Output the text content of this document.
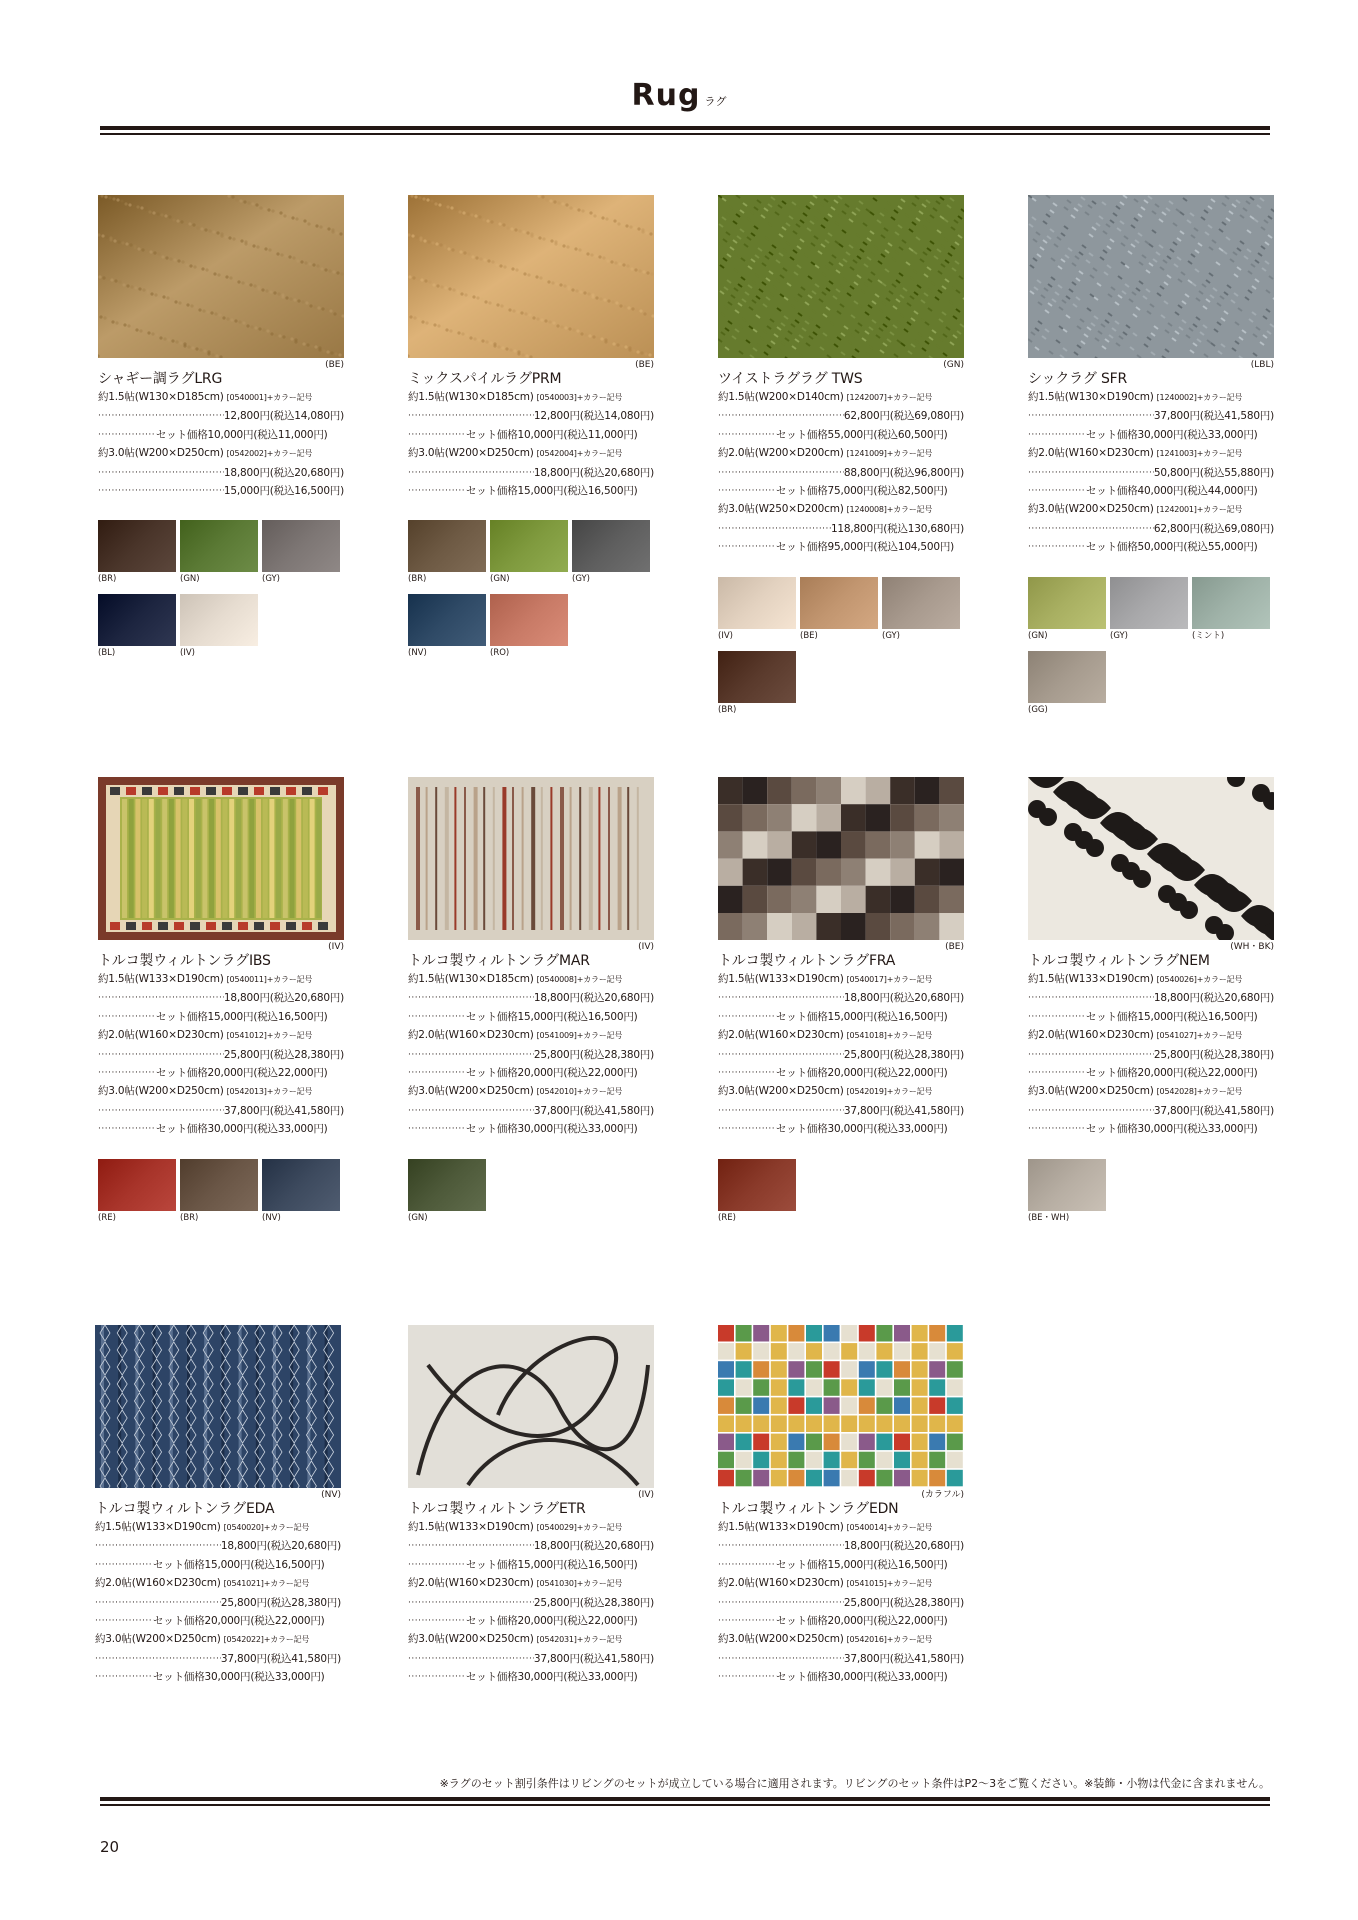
Rug ラグ
(BE)
シャギー調ラグLRG
約1.5帖(W130×D185cm) [0540001]+カラー記号
·····
12,800円 (税込14,080円)
·····
セット価格 10,000円 (税込11,000円)
約3.0帖(W200×D250cm) [0542002]+カラー記号
·····
18,800円 (税込20,680円)
·····
15,000円 (税込16,500円)
(BR)	(GN)	(GY)
(BL)	(IV)
(BE)
ミックスパイルラグPRM
約1.5帖(W130×D185cm) [0540003]+カラー記号
·····
12,800円 (税込14,080円)
·····
セット価格 10,000円 (税込11,000円)
約3.0帖(W200×D250cm) [0542004]+カラー記号
·····
18,800円 (税込20,680円)
·····
セット価格 15,000円 (税込16,500円)
(BR)	(GN)	(GY)
(NV)	(RO)
(GN)
ツイストラグラグ TWS
約1.5帖(W200×D140cm) [1242007]+カラー記号
·····
62,800円 (税込69,080円)
·····
セット価格 55,000円 (税込60,500円)
約2.0帖(W200×D200cm) [1241009]+カラー記号
·····
88,800円 (税込96,800円)
·····
セット価格 75,000円 (税込82,500円)
約3.0帖(W250×D200cm) [1240008]+カラー記号
·····
118,800円 (税込130,680円)
·····
セット価格 95,000円 (税込104,500円)
(IV)	(BE)	(GY)
(BR)
(LBL)
シックラグ SFR
約1.5帖(W130×D190cm) [1240002]+カラー記号
·····
37,800円 (税込41,580円)
·····
セット価格 30,000円 (税込33,000円)
約2.0帖(W160×D230cm) [1241003]+カラー記号
·····
50,800円 (税込55,880円)
·····
セット価格 40,000円 (税込44,000円)
約3.0帖(W200×D250cm) [1242001]+カラー記号
·····
62,800円 (税込69,080円)
·····
セット価格 50,000円 (税込55,000円)
(GN)	(GY)	(ミント)
(GG)
(IV)
トルコ製ウィルトンラグIBS
約1.5帖(W133×D190cm) [0540011]+カラー記号
·····
18,800円 (税込20,680円)
·····
セット価格 15,000円 (税込16,500円)
約2.0帖(W160×D230cm) [0541012]+カラー記号
·····
25,800円 (税込28,380円)
·····
セット価格 20,000円 (税込22,000円)
約3.0帖(W200×D250cm) [0542013]+カラー記号
·····
37,800円 (税込41,580円)
·····
セット価格 30,000円 (税込33,000円)
(RE)	(BR)	(NV)
(IV)
トルコ製ウィルトンラグMAR
約1.5帖(W130×D185cm) [0540008]+カラー記号
·····
18,800円 (税込20,680円)
·····
セット価格 15,000円 (税込16,500円)
約2.0帖(W160×D230cm) [0541009]+カラー記号
·····
25,800円 (税込28,380円)
·····
セット価格 20,000円 (税込22,000円)
約3.0帖(W200×D250cm) [0542010]+カラー記号
·····
37,800円 (税込41,580円)
·····
セット価格 30,000円 (税込33,000円)
(GN)
(BE)
トルコ製ウィルトンラグFRA
約1.5帖(W133×D190cm) [0540017]+カラー記号
·····
18,800円 (税込20,680円)
·····
セット価格 15,000円 (税込16,500円)
約2.0帖(W160×D230cm) [0541018]+カラー記号
·····
25,800円 (税込28,380円)
·····
セット価格 20,000円 (税込22,000円)
約3.0帖(W200×D250cm) [0542019]+カラー記号
·····
37,800円 (税込41,580円)
·····
セット価格 30,000円 (税込33,000円)
(RE)
(WH・BK)
トルコ製ウィルトンラグNEM
約1.5帖(W133×D190cm) [0540026]+カラー記号
·····
18,800円 (税込20,680円)
·····
セット価格 15,000円 (税込16,500円)
約2.0帖(W160×D230cm) [0541027]+カラー記号
·····
25,800円 (税込28,380円)
·····
セット価格 20,000円 (税込22,000円)
約3.0帖(W200×D250cm) [0542028]+カラー記号
·····
37,800円 (税込41,580円)
·····
セット価格 30,000円 (税込33,000円)
(BE・WH)
(NV)
トルコ製ウィルトンラグEDA
約1.5帖(W133×D190cm) [0540020]+カラー記号
·····
18,800円 (税込20,680円)
·····
セット価格 15,000円 (税込16,500円)
約2.0帖(W160×D230cm) [0541021]+カラー記号
·····
25,800円 (税込28,380円)
·····
セット価格 20,000円 (税込22,000円)
約3.0帖(W200×D250cm) [0542022]+カラー記号
·····
37,800円 (税込41,580円)
·····
セット価格 30,000円 (税込33,000円)
(IV)
トルコ製ウィルトンラグETR
約1.5帖(W133×D190cm) [0540029]+カラー記号
·····
18,800円 (税込20,680円)
·····
セット価格 15,000円 (税込16,500円)
約2.0帖(W160×D230cm) [0541030]+カラー記号
·····
25,800円 (税込28,380円)
·····
セット価格 20,000円 (税込22,000円)
約3.0帖(W200×D250cm) [0542031]+カラー記号
·····
37,800円 (税込41,580円)
·····
セット価格 30,000円 (税込33,000円)
(カラフル)
トルコ製ウィルトンラグEDN
約1.5帖(W133×D190cm) [0540014]+カラー記号
·····
18,800円 (税込20,680円)
·····
セット価格 15,000円 (税込16,500円)
約2.0帖(W160×D230cm) [0541015]+カラー記号
·····
25,800円 (税込28,380円)
·····
セット価格 20,000円 (税込22,000円)
約3.0帖(W200×D250cm) [0542016]+カラー記号
·····
37,800円 (税込41,580円)
·····
セット価格 30,000円 (税込33,000円)
※ラグのセット割引条件はリビングのセットが成立している場合に適用されます。リビングのセット条件はP2～3をご覧ください。※装飾・小物は代金に含まれません。
20
